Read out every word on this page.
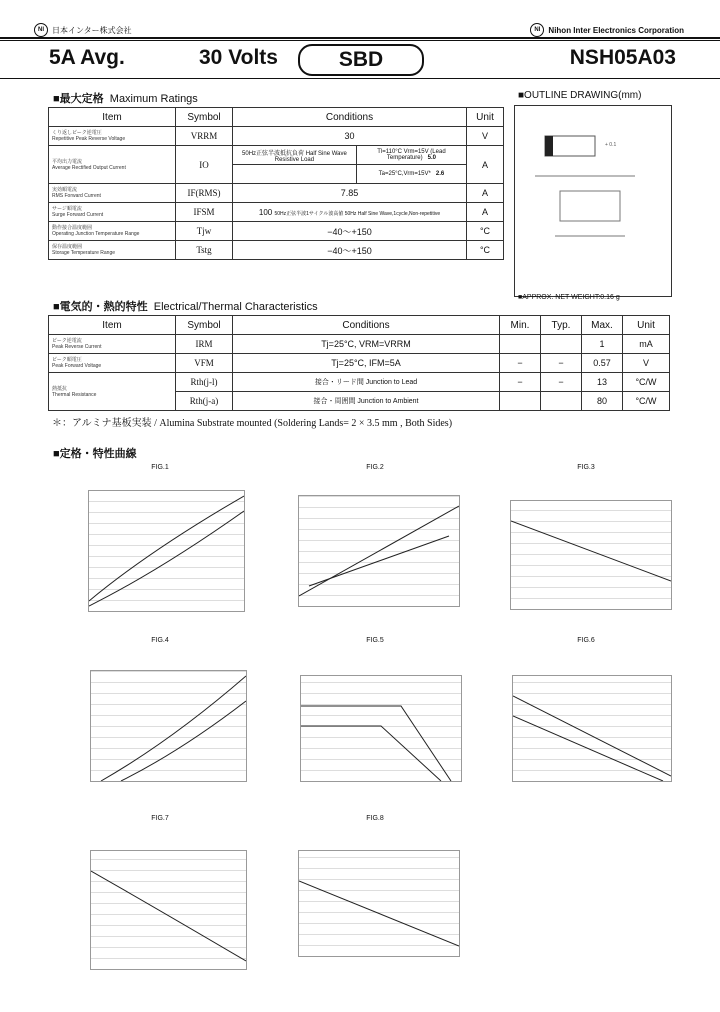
NI	日本インター株式会社	NI	Nihon Inter Electronics Corporation
5A Avg.	30 Volts	NSH05A03
SBD
■最大定格 Maximum Ratings
Item	Symbol	Conditions		Unit

くり返しピーク逆電圧
Repetitive Peak Reverse Voltage	VRRM	30		V

平均出力電流
Average Rectified Output Current	IO	50Hz正弦半波抵抗負荷 Half Sine Wave Resistive Load	Tl=110°C Vrm=15V (Lead Temperature) 5.0	A
			Ta=25°C,Vrm=15V* 2.6	

実効順電流
RMS Forward Current	IF(RMS)	7.85		A

サージ順電流
Surge Forward Current	IFSM	100 50Hz正弦半波1サイクル波高値 50Hz Half Sine Wave,1cycle,Non-repetitive		A

動作接合温度範囲
Operating Junction Temperature Range	Tjw	−40～+150		°C

保存温度範囲
Storage Temperature Range	Tstg	−40～+150		°C
■OUTLINE DRAWING(mm)
+ 0.1
■APPROX. NET WEIGHT:0.16 g
■電気的・熱的特性 Electrical/Thermal Characteristics
Item	Symbol	Conditions	Min.	Typ.	Max.	Unit

ピーク逆電流
Peak Reverse Current	IRM	Tj=25°C, VRM=VRRM			1	mA

ピーク順電圧
Peak Forward Voltage	VFM	Tj=25°C, IFM=5A	−	−	0.57	V

熱抵抗
Thermal Resistance	Rth(j-l)	接合・リード間 Junction to Lead	−	−	13	°C/W
	Rth(j-a)	接合・周囲間 Junction to Ambient			80	°C/W
＊：アルミナ基板実装 / Alumina Substrate mounted (Soldering Lands= 2 × 3.5 mm , Both Sides)
■定格・特性曲線
FIG.1	FIG.2	FIG.3
FIG.4	FIG.5	FIG.6
FIG.7	FIG.8
